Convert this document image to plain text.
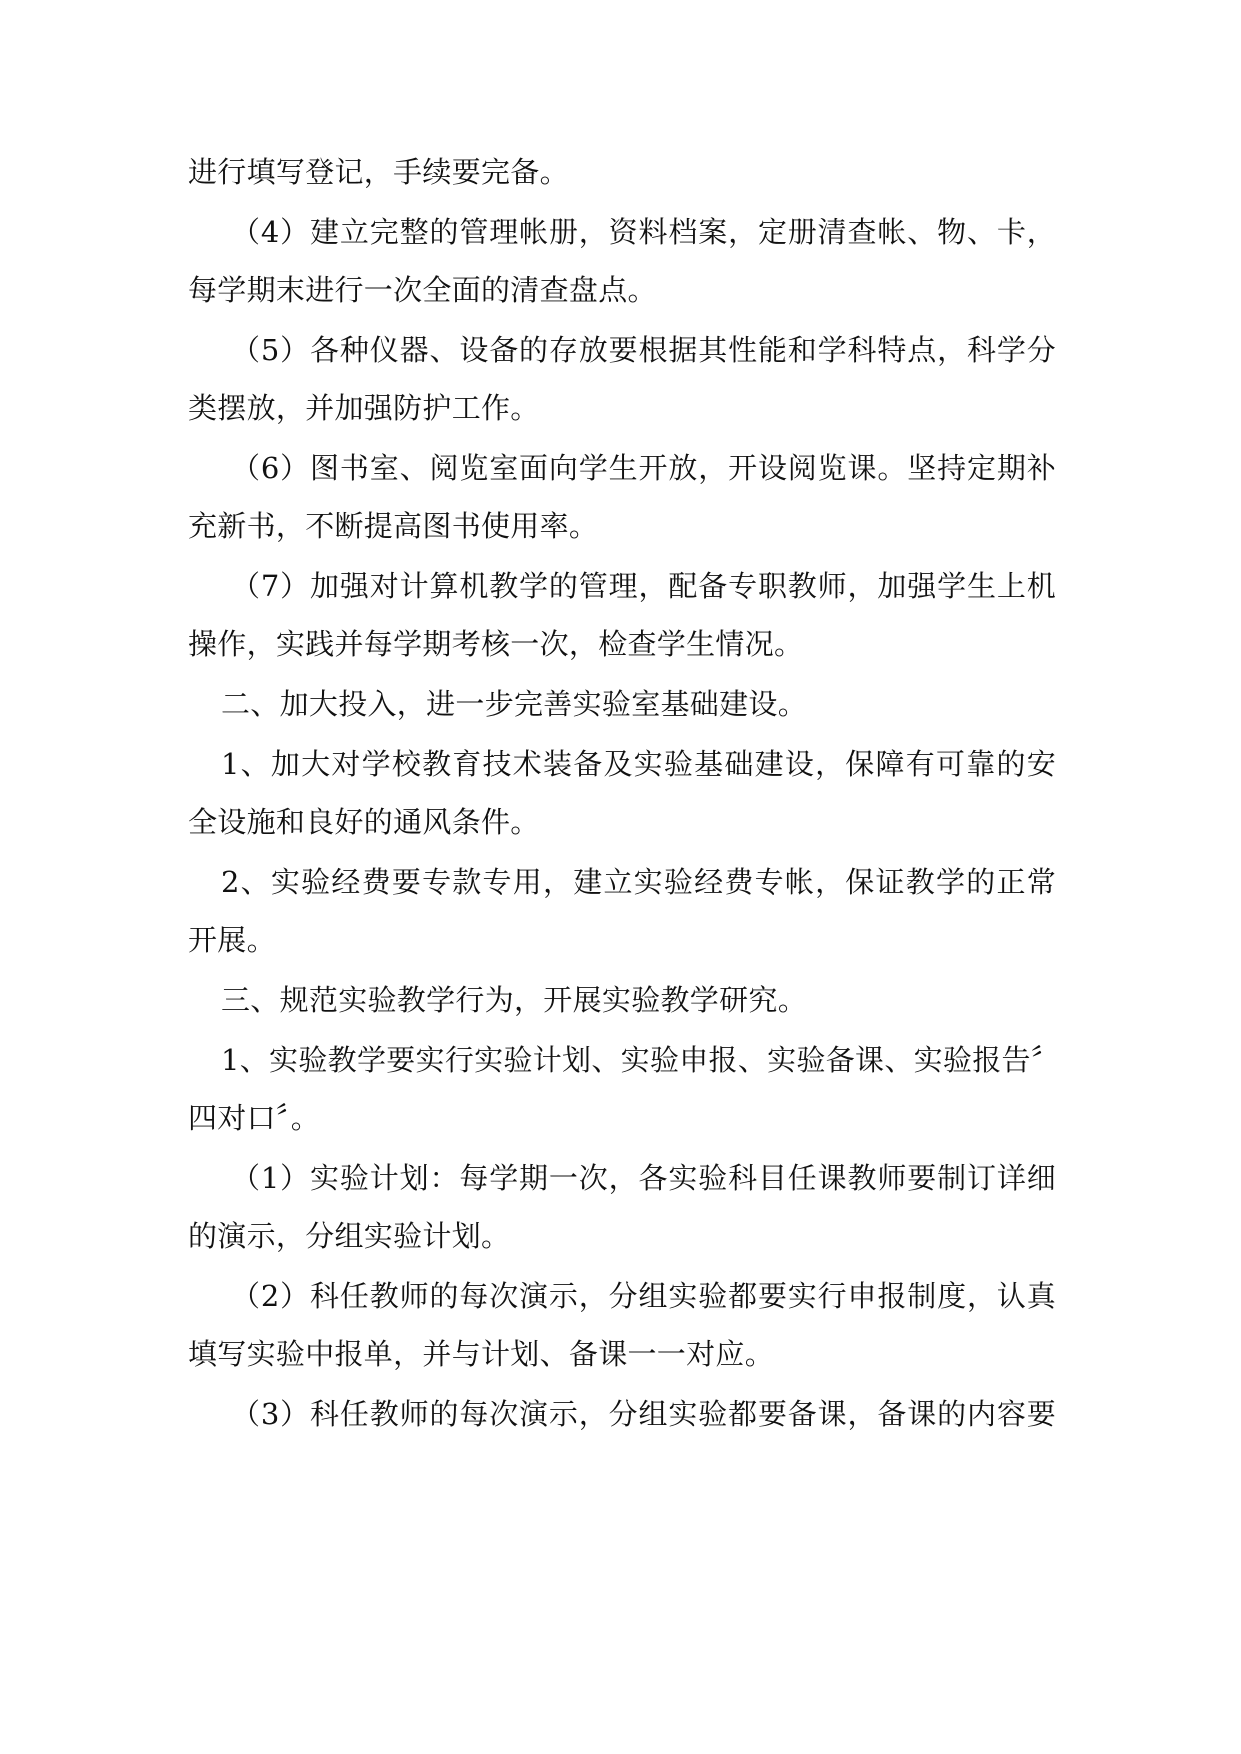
进行填写登记，手续要完备。
（4）建立完整的管理帐册，资料档案，定册清查帐、物、卡，
每学期末进行一次全面的清查盘点。
（5）各种仪器、设备的存放要根据其性能和学科特点，科学分
类摆放，并加强防护工作。
（6）图书室、阅览室面向学生开放，开设阅览课。坚持定期补
充新书，不断提高图书使用率。
（7）加强对计算机教学的管理，配备专职教师，加强学生上机
操作，实践并每学期考核一次，检查学生情况。
二、加大投入，进一步完善实验室基础建设。
1、加大对学校教育技术装备及实验基础建设，保障有可靠的安
全设施和良好的通风条件。
2、实验经费要专款专用，建立实验经费专帐，保证教学的正常
开展。
三、规范实验教学行为，开展实验教学研究。
1、实验教学要实行实验计划、实验申报、实验备课、实验报告〞
四对口〞。
（1）实验计划：每学期一次，各实验科目任课教师要制订详细
的演示，分组实验计划。
（2）科任教师的每次演示，分组实验都要实行申报制度，认真
填写实验中报单，并与计划、备课一一对应。
（3）科任教师的每次演示，分组实验都要备课，备课的内容要
